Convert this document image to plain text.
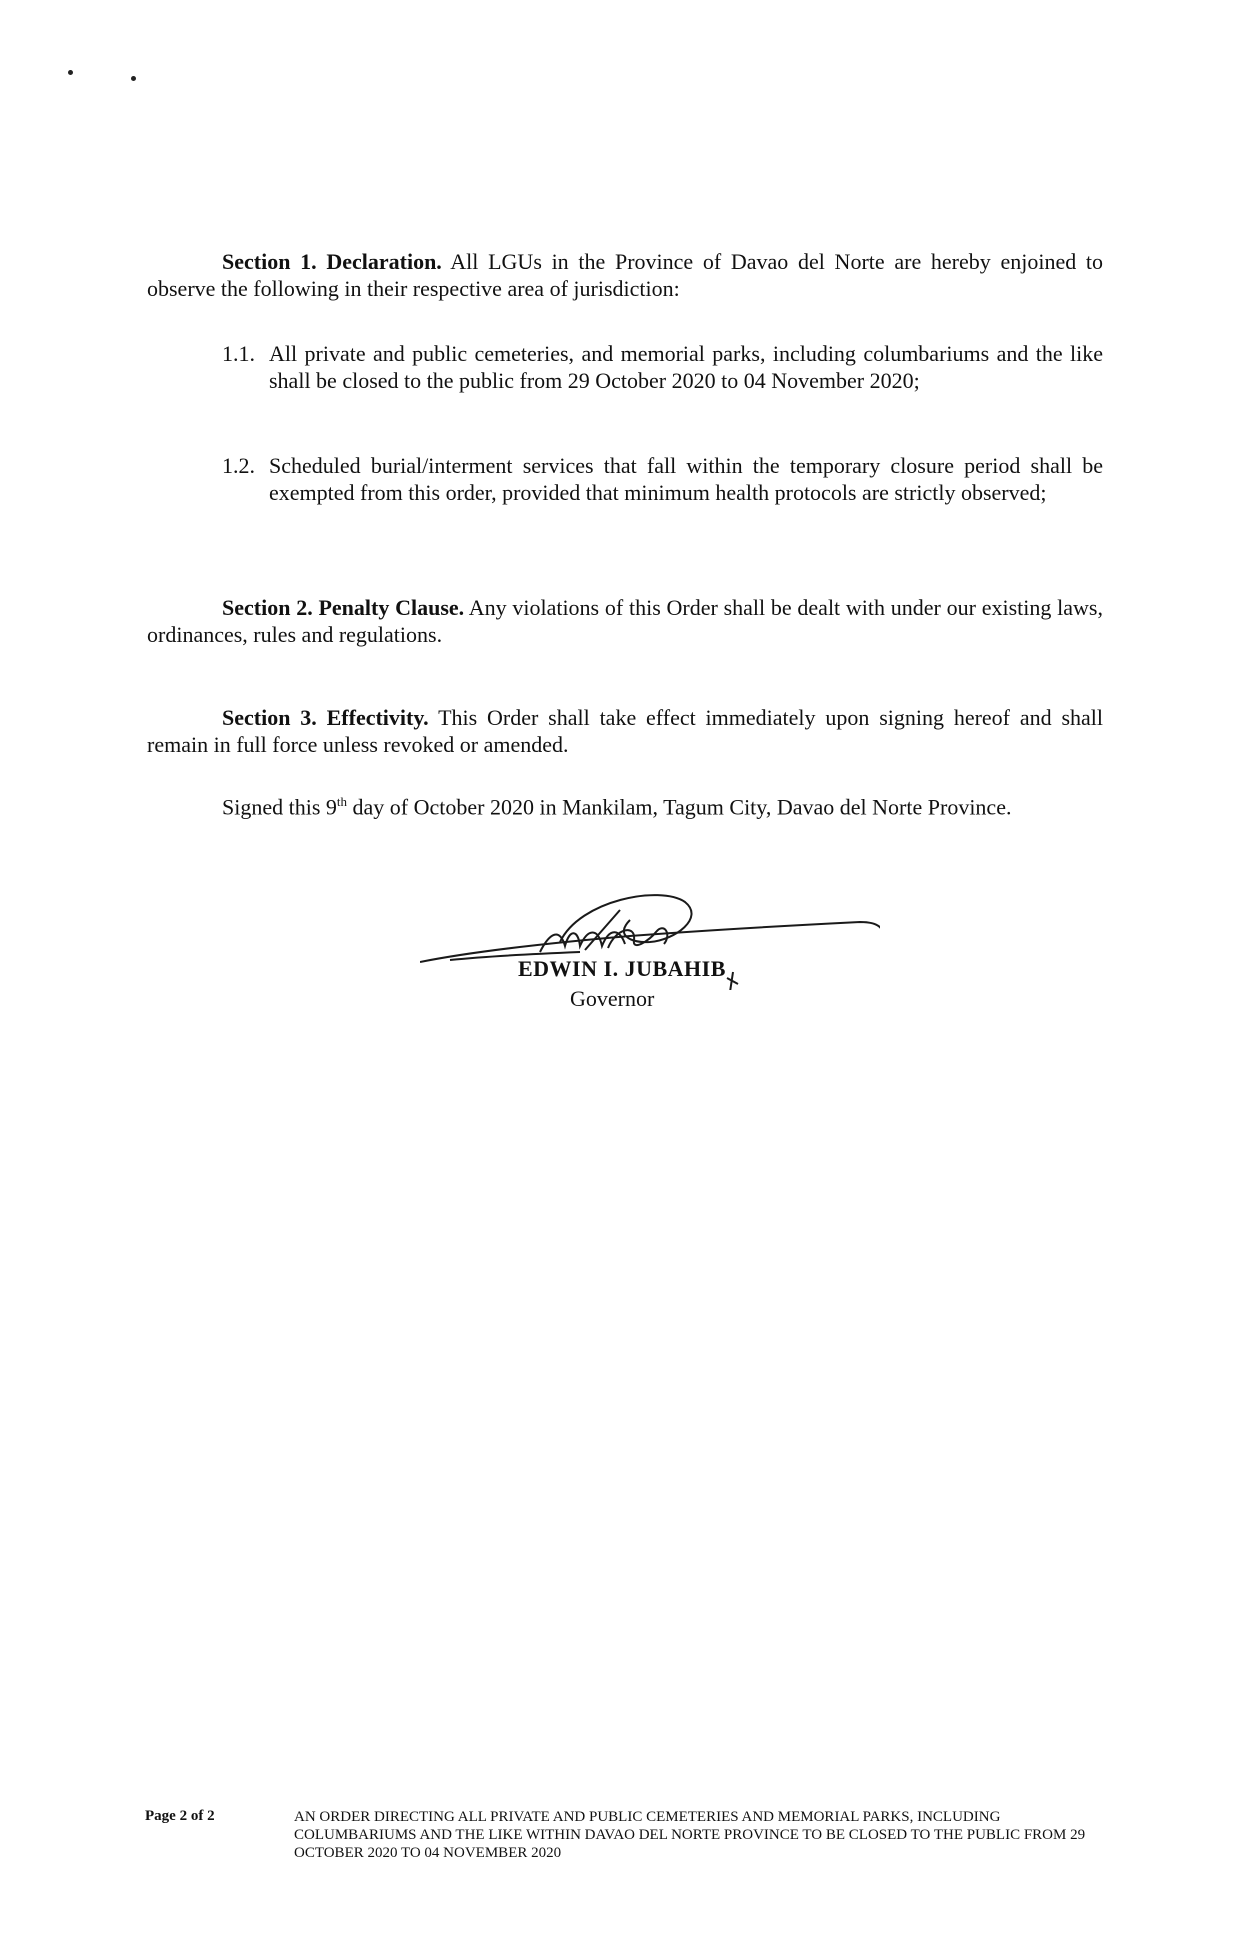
Section 1. Declaration. All LGUs in the Province of Davao del Norte are hereby enjoined to observe the following in their respective area of jurisdiction:

1.1. All private and public cemeteries, and memorial parks, including columbariums and the like shall be closed to the public from 29 October 2020 to 04 November 2020;
1.2. Scheduled burial/interment services that fall within the temporary closure period shall be exempted from this order, provided that minimum health protocols are strictly observed;

Section 2. Penalty Clause. Any violations of this Order shall be dealt with under our existing laws, ordinances, rules and regulations.

Section 3. Effectivity. This Order shall take effect immediately upon signing hereof and shall remain in full force unless revoked or amended.

Signed this 9th day of October 2020 in Mankilam, Tagum City, Davao del Norte Province.

EDWIN I. JUBAHIB
Governor
Page 2 of 2	AN ORDER DIRECTING ALL PRIVATE AND PUBLIC CEMETERIES AND MEMORIAL PARKS, INCLUDING COLUMBARIUMS AND THE LIKE WITHIN DAVAO DEL NORTE PROVINCE TO BE CLOSED TO THE PUBLIC FROM 29 OCTOBER 2020 TO 04 NOVEMBER 2020
